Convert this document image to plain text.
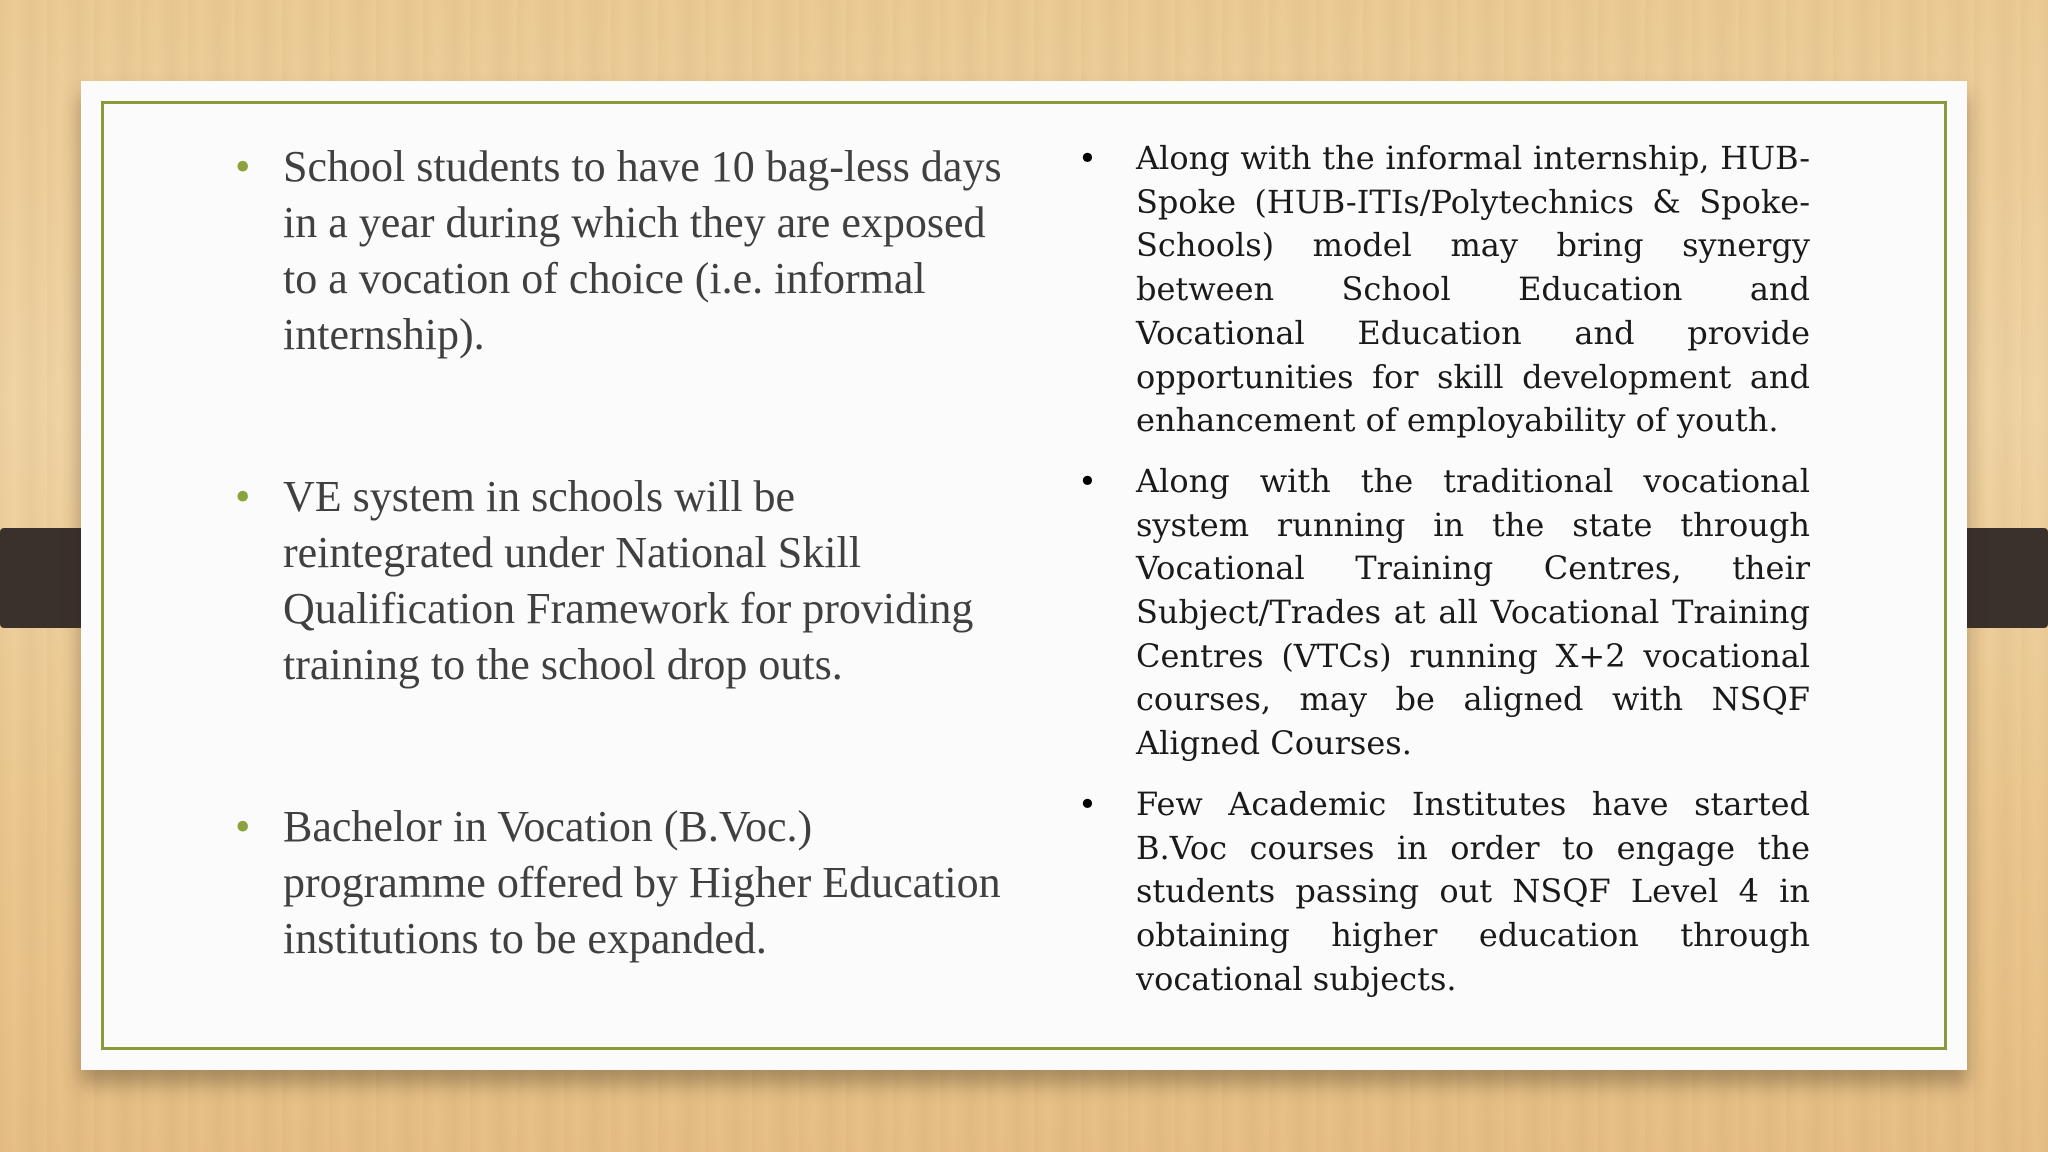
• School students to have 10 bag-less days in a year during which they are exposed to a vocation of choice (i.e. informal internship).
• VE system in schools will be reintegrated under National Skill Qualification Framework for providing training to the school drop outs.
• Bachelor in Vocation (B.Voc.) programme offered by Higher Education institutions to be expanded.
• Along with the informal internship, HUB-Spoke (HUB-ITIs/Polytechnics & Spoke-Schools) model may bring synergy between School Education and Vocational Education and provide opportunities for skill development and enhancement of employability of youth.
• Along with the traditional vocational system running in the state through Vocational Training Centres, their Subject/Trades at all Vocational Training Centres (VTCs) running X+2 vocational courses, may be aligned with NSQF Aligned Courses.
• Few Academic Institutes have started B.Voc courses in order to engage the students passing out NSQF Level 4 in obtaining higher education through vocational subjects.
